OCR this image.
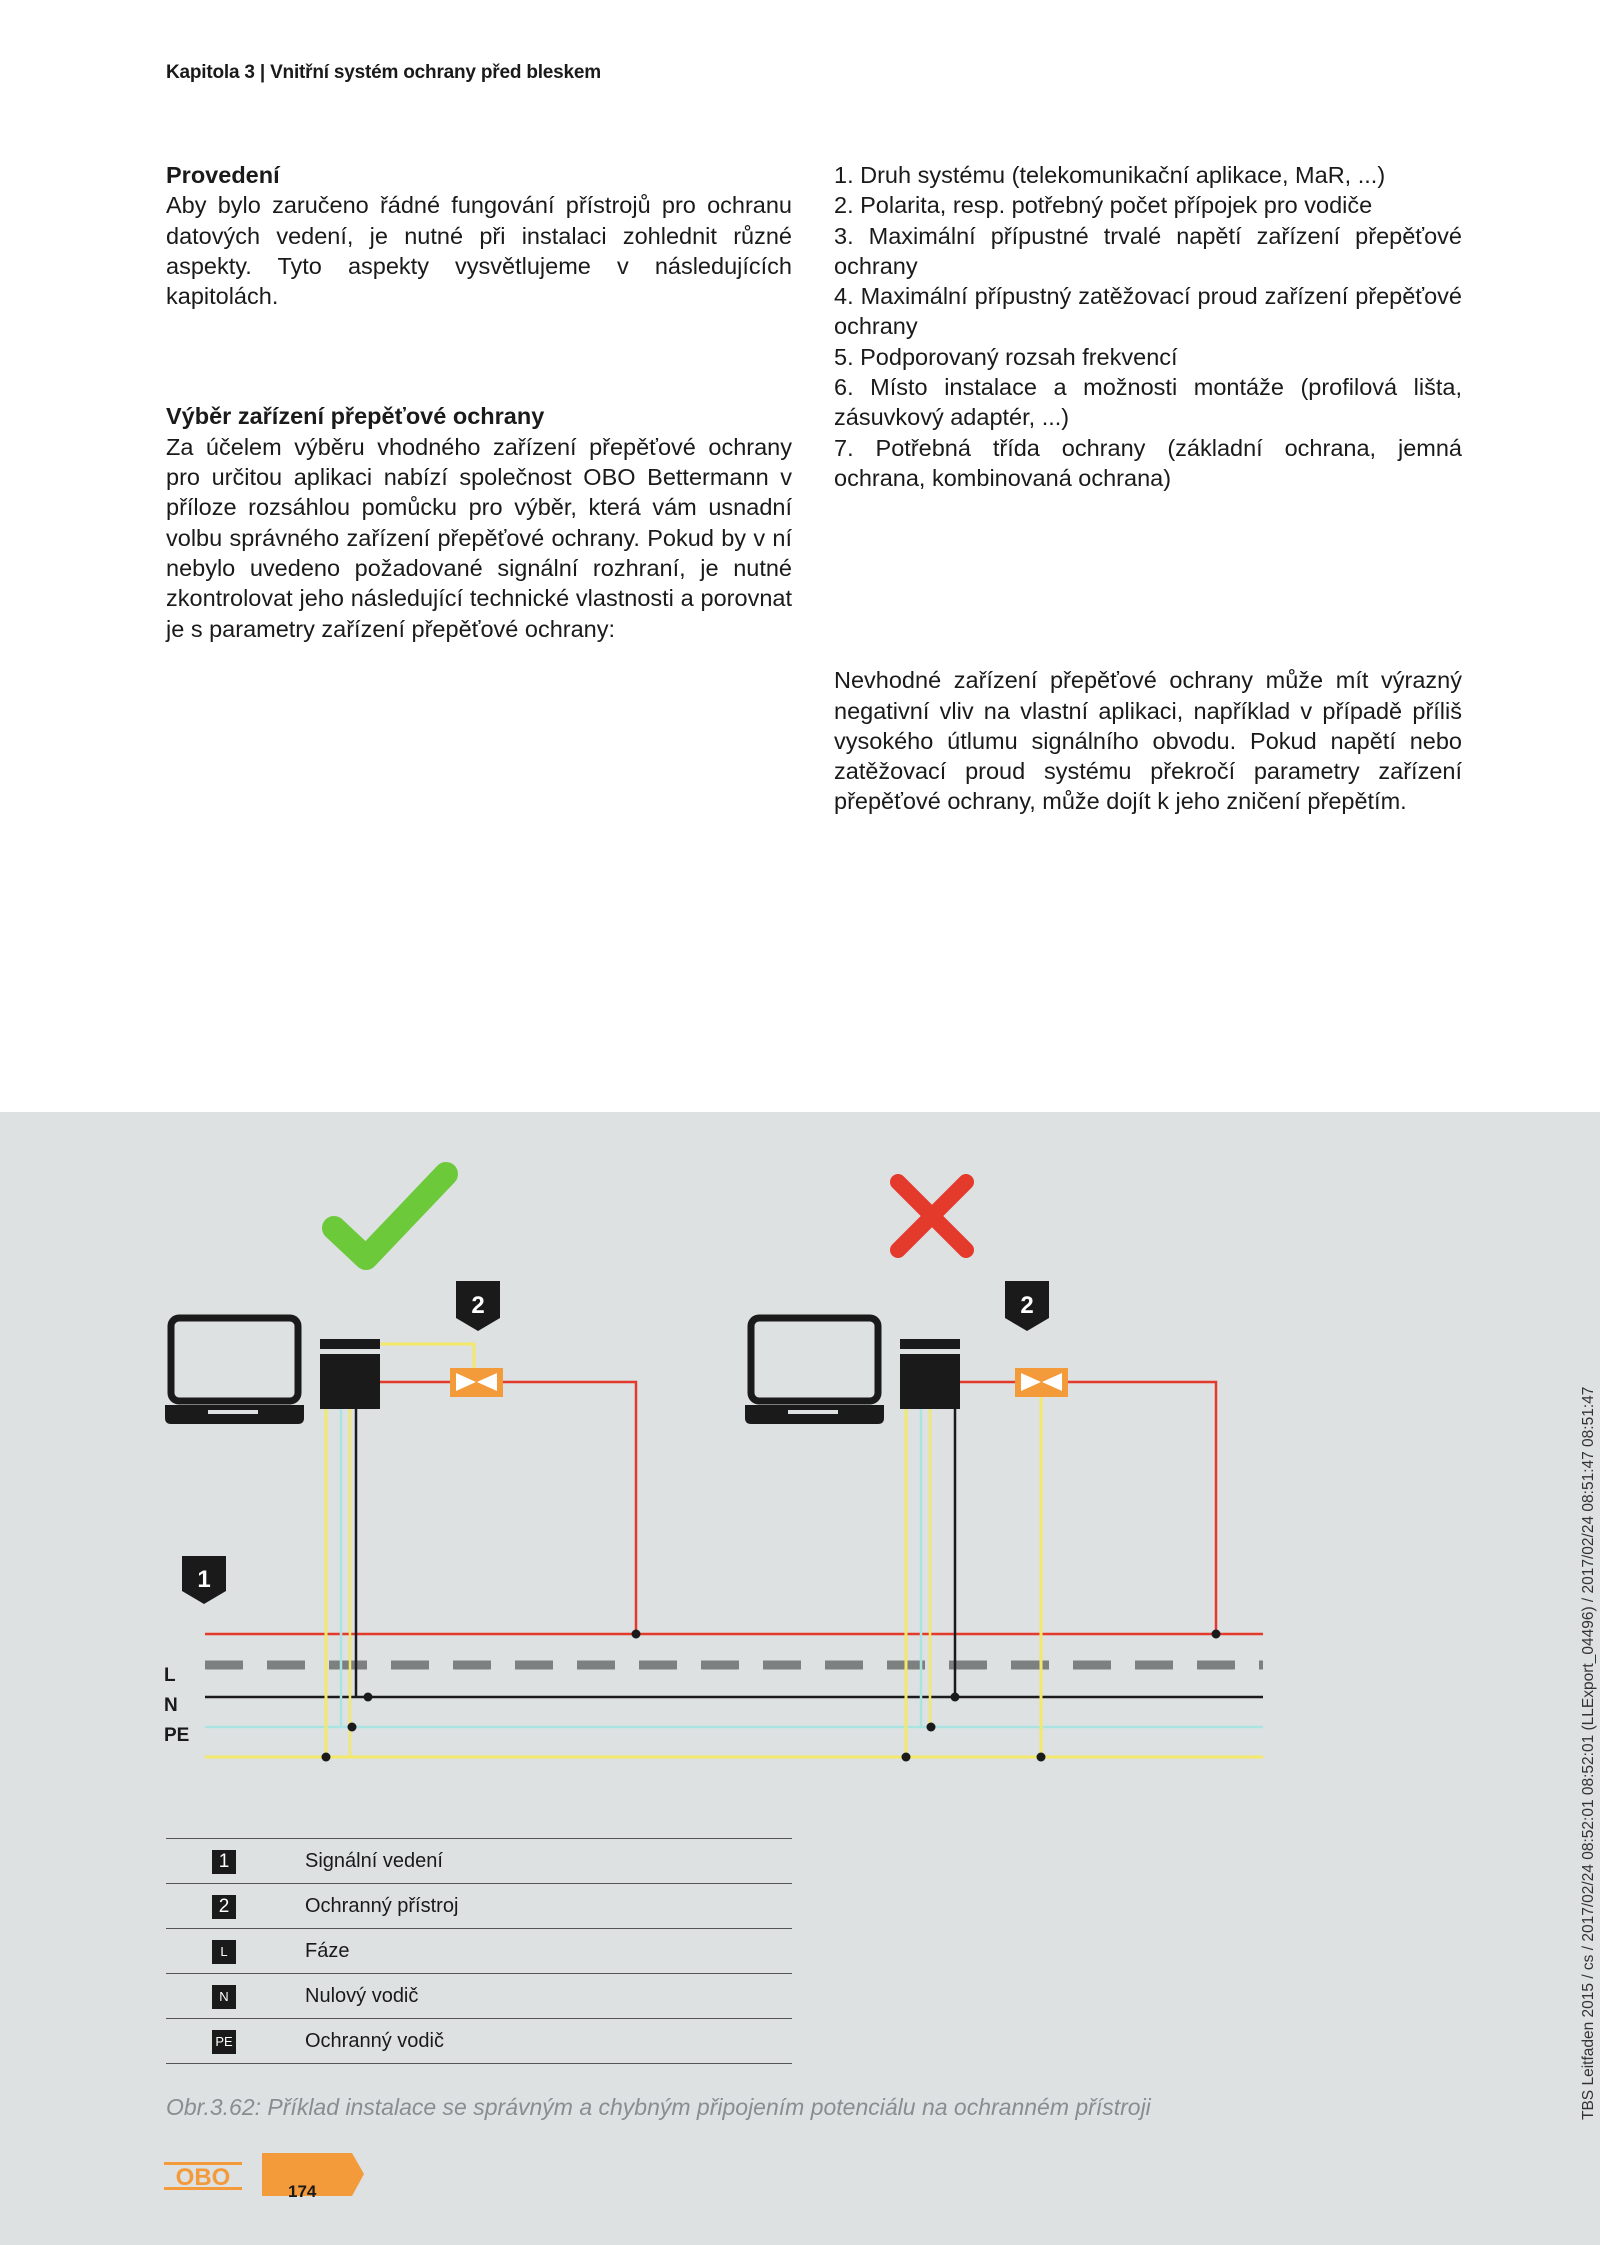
Kapitola 3 | Vnitřní systém ochrany před bleskem
Provedení

Aby bylo zaručeno řádné fungování přístrojů pro ochranu datových vedení, je nutné při instalaci zohlednit různé aspekty. Tyto aspekty vysvětlujeme v následujících kapitolách.

Výběr zařízení přepěťové ochrany

Za účelem výběru vhodného zařízení přepěťové ochrany pro určitou aplikaci nabízí společnost OBO Bettermann v příloze rozsáhlou pomůcku pro výběr, která vám usnadní volbu správného zařízení přepěťové ochrany. Pokud by v ní nebylo uvedeno požadované signální rozhraní, je nutné zkontrolovat jeho následující technické vlastnosti a porovnat je s parametry zařízení přepěťové ochrany:

1. Druh systému (telekomunikační aplikace, MaR, ...)
2. Polarita, resp. potřebný počet přípojek pro vodiče
3. Maximální přípustné trvalé napětí zařízení přepěťové ochrany
4. Maximální přípustný zatěžovací proud zařízení přepěťové ochrany
5. Podporovaný rozsah frekvencí
6. Místo instalace a možnosti montáže (profilová lišta, zásuvkový adaptér, ...)
7. Potřebná třída ochrany (základní ochrana, jemná ochrana, kombinovaná ochrana)

Nevhodné zařízení přepěťové ochrany může mít výrazný negativní vliv na vlastní aplikaci, například v případě příliš vysokého útlumu signálního obvodu. Pokud napětí nebo zatěžovací proud systému překročí parametry zařízení přepěťové ochrany, může dojít k jeho zničení přepětím.

2	2
1
OBO
L
N
PE
1	Signální vedení
2	Ochranný přístroj
L	Fáze
N	Nulový vodič
PE	Ochranný vodič
Obr.3.62: Příklad instalace se správným a chybným připojením potenciálu na ochranném přístroji	TBS Leitfaden 2015 / cs / 2017/02/24 08:52:01 08:52:01 (LLExport_04496) / 2017/02/24 08:51:47 08:51:47
174
